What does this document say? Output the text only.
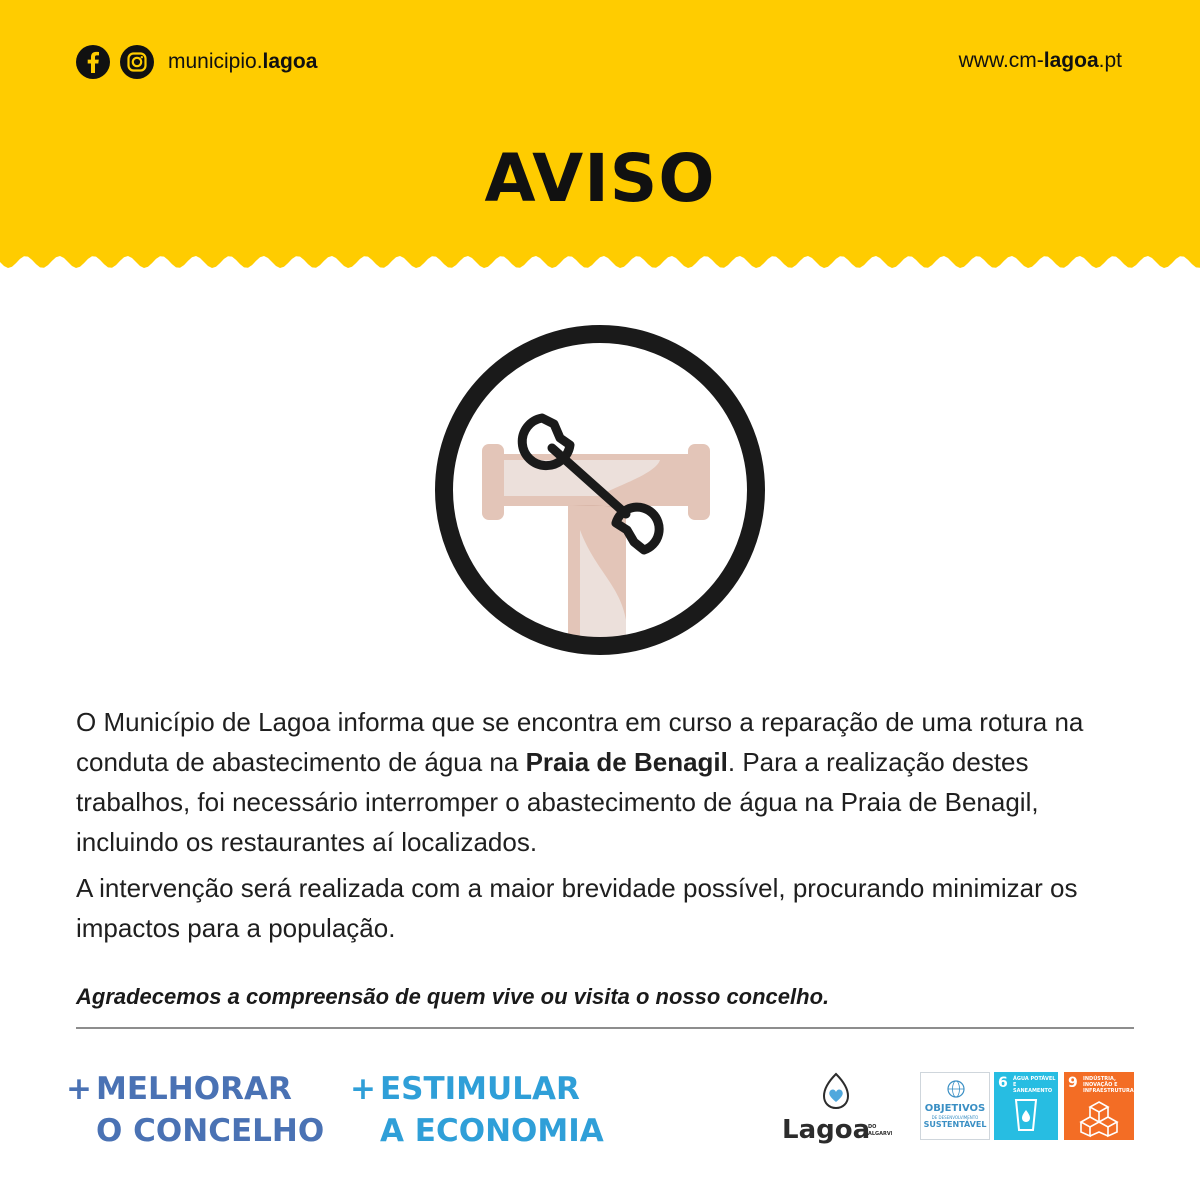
municipio.lagoa	www.cm-lagoa.pt
AVISO

O Município de Lagoa informa que se encontra em curso a reparação de uma rotura na conduta de abastecimento de água na Praia de Benagil. Para a realização destes trabalhos, foi necessário interromper o abastecimento de água na Praia de Benagil, incluindo os restaurantes aí localizados.

A intervenção será realizada com a maior brevidade possível, procurando minimizar os impactos para a população.

Agradecemos a compreensão de quem vive ou visita o nosso concelho.
+ MELHORAR
O CONCELHO
+ ESTIMULAR
A ECONOMIA	Lagoa
DO
ALGARVE
OBJETIVOS
DE DESENVOLVIMENTO
SUSTENTÁVEL
6 ÁGUA POTÁVEL E SANEAMENTO 9 INDÚSTRIA, INOVAÇÃO E INFRAESTRUTURAS
